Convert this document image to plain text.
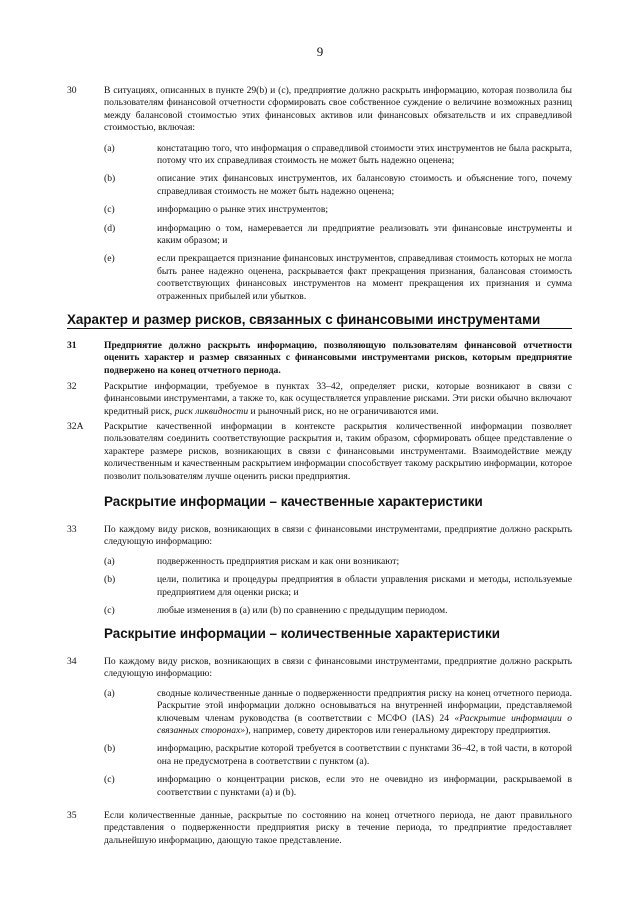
9
30	В ситуациях, описанных в пункте 29(b) и (c), предприятие должно раскрыть информацию, которая позволила бы пользователям финансовой отчетности сформировать свое собственное суждение о величине возможных разниц между балансовой стоимостью этих финансовых активов или финансовых обязательств и их справедливой стоимостью, включая:
(a)	констатацию того, что информация о справедливой стоимости этих инструментов не была раскрыта, потому что их справедливая стоимость не может быть надежно оценена;
(b)	описание этих финансовых инструментов, их балансовую стоимость и объяснение того, почему справедливая стоимость не может быть надежно оценена;
(c)	информацию о рынке этих инструментов;
(d)	информацию о том, намеревается ли предприятие реализовать эти финансовые инструменты и каким образом; и
(e)	если прекращается признание финансовых инструментов, справедливая стоимость которых не могла быть ранее надежно оценена, раскрывается факт прекращения признания, балансовая стоимость соответствующих финансовых инструментов на момент прекращения их признания и сумма отраженных прибылей или убытков.
Характер и размер рисков, связанных с финансовыми инструментами
31	Предприятие должно раскрыть информацию, позволяющую пользователям финансовой отчетности оценить характер и размер связанных с финансовыми инструментами рисков, которым предприятие подвержено на конец отчетного периода.
32	Раскрытие информации, требуемое в пунктах 33–42, определяет риски, которые возникают в связи с финансовыми инструментами, а также то, как осуществляется управление рисками. Эти риски обычно включают кредитный риск, риск ликвидности и рыночный риск, но не ограничиваются ими.
32A	Раскрытие качественной информации в контексте раскрытия количественной информации позволяет пользователям соединить соответствующие раскрытия и, таким образом, сформировать общее представление о характере размере рисков, возникающих в связи с финансовыми инструментами. Взаимодействие между количественным и качественным раскрытием информации способствует такому раскрытию информации, которое позволит пользователям лучше оценить риски предприятия.
Раскрытие информации – качественные характеристики
33	По каждому виду рисков, возникающих в связи с финансовыми инструментами, предприятие должно раскрыть следующую информацию:
(a)	подверженность предприятия рискам и как они возникают;
(b)	цели, политика и процедуры предприятия в области управления рисками и методы, используемые предприятием для оценки риска; и
(c)	любые изменения в (a) или (b) по сравнению с предыдущим периодом.
Раскрытие информации – количественные характеристики
34	По каждому виду рисков, возникающих в связи с финансовыми инструментами, предприятие должно раскрыть следующую информацию:
(a)	сводные количественные данные о подверженности предприятия риску на конец отчетного периода. Раскрытие этой информации должно основываться на внутренней информации, представляемой ключевым членам руководства (в соответствии с МСФО (IAS) 24 «Раскрытие информации о связанных сторонах»), например, совету директоров или генеральному директору предприятия.
(b)	информацию, раскрытие которой требуется в соответствии с пунктами 36–42, в той части, в которой она не предусмотрена в соответствии с пунктом (a).
(c)	информацию о концентрации рисков, если это не очевидно из информации, раскрываемой в соответствии с пунктами (a) и (b).
35	Если количественные данные, раскрытые по состоянию на конец отчетного периода, не дают правильного представления о подверженности предприятия риску в течение периода, то предприятие предоставляет дальнейшую информацию, дающую такое представление.
